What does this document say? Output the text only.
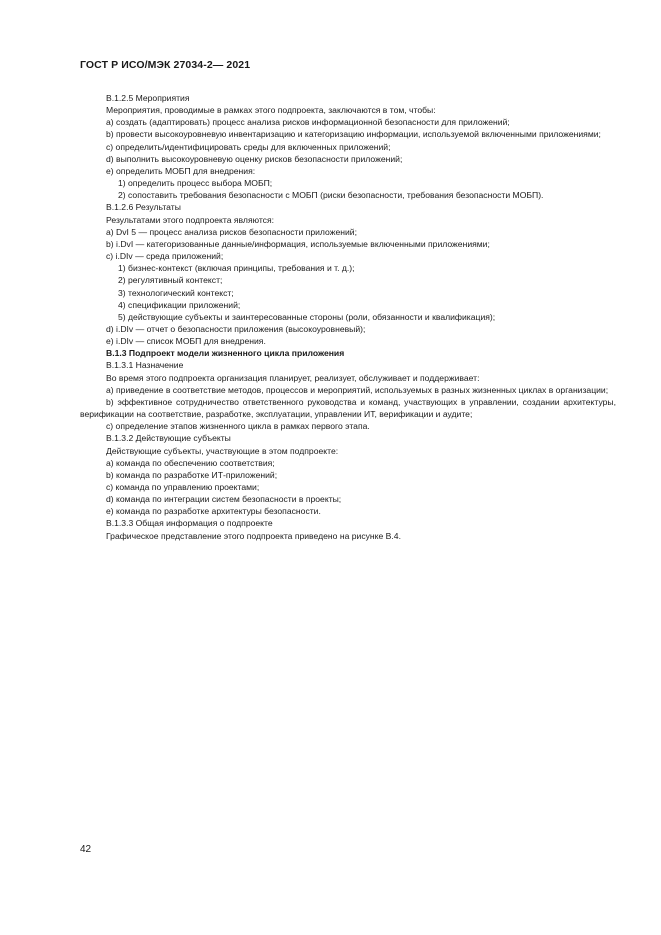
ГОСТ Р ИСО/МЭК 27034-2— 2021

B.1.2.5 Мероприятия

Мероприятия, проводимые в рамках этого подпроекта, заключаются в том, чтобы:

a) создать (адаптировать) процесс анализа рисков информационной безопасности для приложений;

b) провести высокоуровневую инвентаризацию и категоризацию информации, используемой включенными приложениями;

c) определить/идентифицировать среды для включенных приложений;

d) выполнить высокоуровневую оценку рисков безопасности приложений;

e) определить МОБП для внедрения:

1) определить процесс выбора МОБП;

2) сопоставить требования безопасности с МОБП (риски безопасности, требования безопасности МОБП).

B.1.2.6 Результаты

Результатами этого подпроекта являются:

a) DvI 5 — процесс анализа рисков безопасности приложений;

b) i.DvI — категоризованные данные/информация, используемые включенными приложениями;

c) i.DIv — среда приложений;

1) бизнес-контекст (включая принципы, требования и т. д.);

2) регулятивный контекст;

3) технологический контекст;

4) спецификации приложений;

5) действующие субъекты и заинтересованные стороны (роли, обязанности и квалификация);

d) i.DIv — отчет о безопасности приложения (высокоуровневый);

e) i.DIv — список МОБП для внедрения.

B.1.3 Подпроект модели жизненного цикла приложения

B.1.3.1 Назначение

Во время этого подпроекта организация планирует, реализует, обслуживает и поддерживает:

a) приведение в соответствие методов, процессов и мероприятий, используемых в разных жизненных циклах в организации;

b) эффективное сотрудничество ответственного руководства и команд, участвующих в управлении, создании архитектуры, верификации на соответствие, разработке, эксплуатации, управлении ИТ, верификации и аудите;

c) определение этапов жизненного цикла в рамках первого этапа.

B.1.3.2 Действующие субъекты

Действующие субъекты, участвующие в этом подпроекте:

a) команда по обеспечению соответствия;

b) команда по разработке ИТ-приложений;

c) команда по управлению проектами;

d) команда по интеграции систем безопасности в проекты;

e) команда по разработке архитектуры безопасности.

B.1.3.3 Общая информация о подпроекте

Графическое представление этого подпроекта приведено на рисунке B.4.

42
